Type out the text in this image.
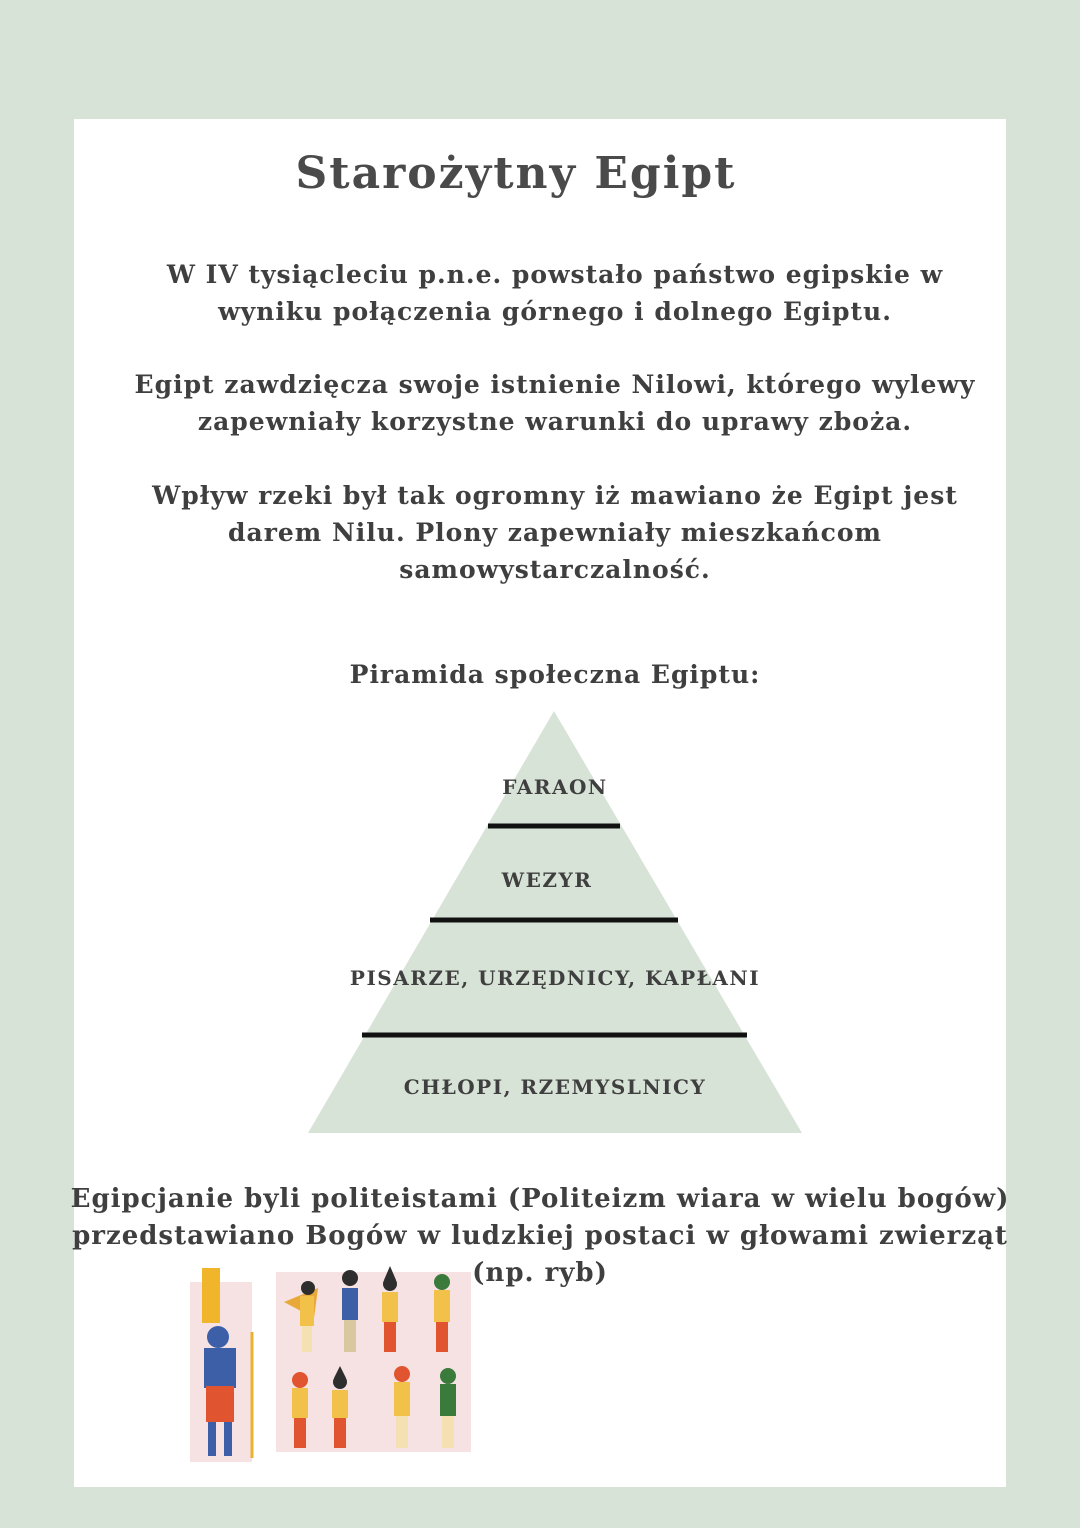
Starożytny Egipt
W IV tysiącleciu p.n.e. powstało państwo egipskie w wyniku połączenia górnego i dolnego Egiptu.
Egipt zawdzięcza swoje istnienie Nilowi, którego wylewy zapewniały korzystne warunki do uprawy zboża.
Wpływ rzeki był tak ogromny iż mawiano że Egipt jest darem Nilu. Plony zapewniały mieszkańcom samowystarczalność.
Piramida społeczna Egiptu:
FARAON
WEZYR
PISARZE, URZĘDNICY, KAPŁANI
CHŁOPI, RZEMYSLNICY
Egipcjanie byli politeistami (Politeizm wiara w wielu bogów) przedstawiano Bogów w ludzkiej postaci w głowami zwierząt (np. ryb)
